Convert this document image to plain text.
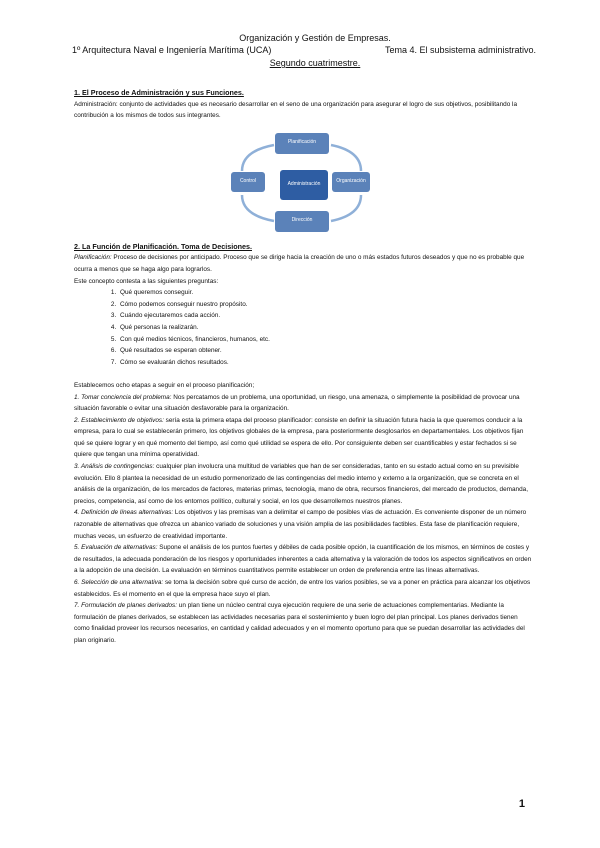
Organización y Gestión de Empresas.
1º Arquitectura Naval e Ingeniería Marítima (UCA)	Tema 4. El subsistema administrativo.
Segundo cuatrimestre.

1. El Proceso de Administración y sus Funciones.

Administración: conjunto de actividades que es necesario desarrollar en el seno de una organización para asegurar el logro de sus objetivos, posibilitando la contribución a los mismos de todos sus integrantes.

Planificación
Control	Administración	Organización
Dirección

2. La Función de Planificación. Toma de Decisiones.

Planificación: Proceso de decisiones por anticipado. Proceso que se dirige hacia la creación de uno o más estados futuros deseados y que no es probable que ocurra a menos que se haga algo para lograrlos.

Este concepto contesta a las siguientes preguntas:

1. Qué queremos conseguir.
2. Cómo podemos conseguir nuestro propósito.
3. Cuándo ejecutaremos cada acción.
4. Qué personas la realizarán.
5. Con qué medios técnicos, financieros, humanos, etc.
6. Qué resultados se esperan obtener.
7. Cómo se evaluarán dichos resultados.

Establecemos ocho etapas a seguir en el proceso planificación;

1. Tomar conciencia del problema: Nos percatamos de un problema, una oportunidad, un riesgo, una amenaza, o simplemente la posibilidad de provocar una situación favorable o evitar una situación desfavorable para la organización.

2. Establecimiento de objetivos: sería esta la primera etapa del proceso planificador: consiste en definir la situación futura hacia la que queremos conducir a la empresa, para lo cual se establecerán primero, los objetivos globales de la empresa, para posteriormente desglosarlos en departamentales. Los objetivos fijan qué se quiere lograr y en qué momento del tiempo, así como qué utilidad se espera de ello. Por consiguiente deben ser cuantificables y estar fechados si se quiere que tengan una mínima operatividad.

3. Análisis de contingencias: cualquier plan involucra una multitud de variables que han de ser consideradas, tanto en su estado actual como en su previsible evolución. Ello 8 plantea la necesidad de un estudio pormenorizado de las contingencias del medio interno y externo a la organización, que se concreta en el análisis de la organización, de los mercados de factores, materias primas, tecnología, mano de obra, recursos financieros, del mercado de productos, demanda, precios, competencia, así como de los entornos político, cultural y social, en los que desarrollemos nuestros planes.

4. Definición de líneas alternativas: Los objetivos y las premisas van a delimitar el campo de posibles vías de actuación. Es conveniente disponer de un número razonable de alternativas que ofrezca un abanico variado de soluciones y una visión amplia de las posibilidades factibles. Esta fase de planificación requiere, muchas veces, un esfuerzo de creatividad importante.

5. Evaluación de alternativas: Supone el análisis de los puntos fuertes y débiles de cada posible opción, la cuantificación de los mismos, en términos de costes y de resultados, la adecuada ponderación de los riesgos y oportunidades inherentes a cada alternativa y la valoración de todos los aspectos significativos en orden a la adopción de una decisión. La evaluación en términos cuantitativos permite establecer un orden de preferencia entre las líneas alternativas.

6. Selección de una alternativa: se toma la decisión sobre qué curso de acción, de entre los varios posibles, se va a poner en práctica para alcanzar los objetivos establecidos. Es el momento en el que la empresa hace suyo el plan.

7. Formulación de planes derivados: un plan tiene un núcleo central cuya ejecución requiere de una serie de actuaciones complementarias. Mediante la formulación de planes derivados, se establecen las actividades necesarias para el sostenimiento y buen logro del plan principal. Los planes derivados tienen como finalidad proveer los recursos necesarios, en cantidad y calidad adecuados y en el momento oportuno para que se puedan desarrollar las actividades del plan originario.

1
